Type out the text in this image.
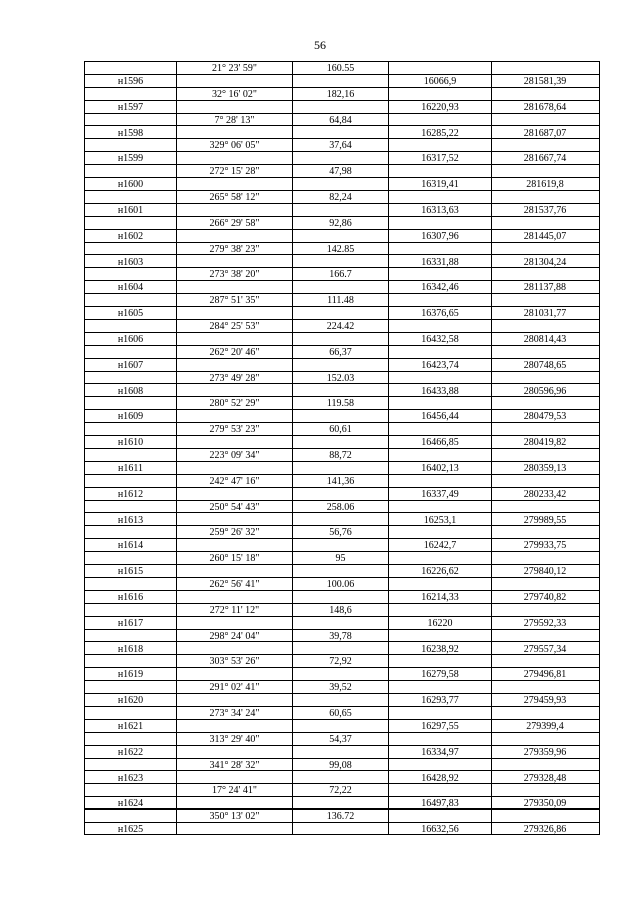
56
21° 23' 59"	160.55
н1596	16066,9	281581,39
32° 16' 02"	182,16
н1597	16220,93	281678,64
7° 28' 13"	64,84
н1598	16285,22	281687,07
329° 06' 05"	37,64
н1599	16317,52	281667,74
272° 15' 28"	47,98
н1600	16319,41	281619,8
265° 58' 12"	82,24
н1601	16313,63	281537,76
266° 29' 58"	92,86
н1602	16307,96	281445,07
279° 38' 23"	142.85
н1603	16331,88	281304,24
273° 38' 20"	166.7
н1604	16342,46	281137,88
287° 51' 35"	111.48
н1605	16376,65	281031,77
284° 25' 53"	224.42
н1606	16432,58	280814,43
262° 20' 46"	66,37
н1607	16423,74	280748,65
273° 49' 28"	152.03
н1608	16433,88	280596,96
280° 52' 29"	119.58
н1609	16456,44	280479,53
279° 53' 23"	60,61
н1610	16466,85	280419,82
223° 09' 34"	88,72
н1611	16402,13	280359,13
242° 47' 16"	141,36
н1612	16337,49	280233,42
250° 54' 43"	258.06
н1613	16253,1	279989,55
259° 26' 32"	56,76
н1614	16242,7	279933,75
260° 15' 18"	95
н1615	16226,62	279840,12
262° 56' 41"	100.06
н1616	16214,33	279740,82
272° 11' 12"	148,6
н1617	16220	279592,33
298° 24' 04"	39,78
н1618	16238,92	279557,34
303° 53' 26"	72,92
н1619	16279,58	279496,81
291° 02' 41"	39,52
н1620	16293,77	279459,93
273° 34' 24"	60,65
н1621	16297,55	279399,4
313° 29' 40"	54,37
н1622	16334,97	279359,96
341° 28' 32"	99,08
н1623	16428,92	279328,48
17° 24' 41"	72,22
н1624	16497,83	279350,09
350° 13' 02"	136.72
н1625	16632,56	279326,86
